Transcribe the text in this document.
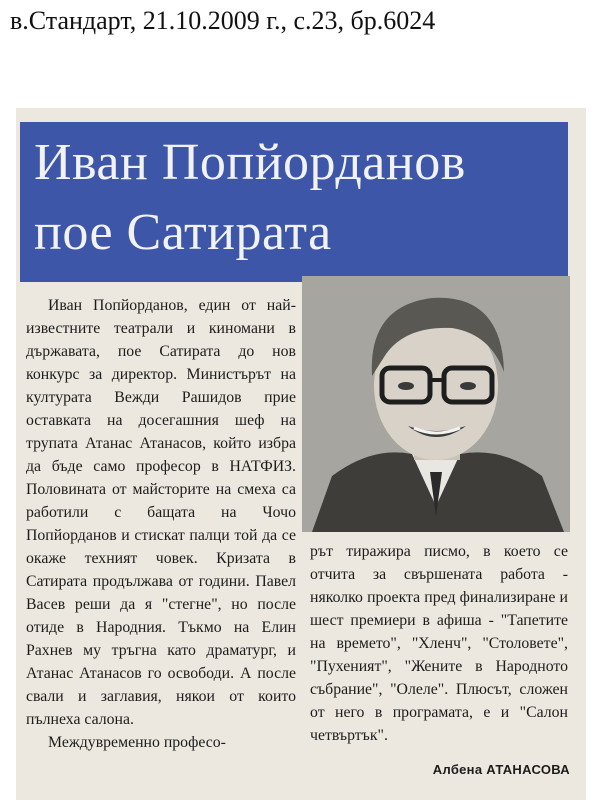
в.Стандарт, 21.10.2009 г., с.23, бр.6024
Иван Попйорданов
пое Сатирата

Иван Попйорданов, един от най-известните театрали и киномани в държавата, пое Сатирата до нов конкурс за директор. Министърът на културата Вежди Рашидов прие оставката на досегашния шеф на трупата Атанас Атанасов, който избра да бъде само професор в НАТФИЗ. Половината от майсторите на смеха са работили с бащата на Чочо Попйорданов и стискат палци той да се окаже техният човек. Кризата в Сатирата продължава от години. Павел Васев реши да я "стегне", но после отиде в Народния. Тъкмо на Елин Рахнев му тръгна като драматург, и Атанас Атанасов го освободи. А после свали и заглавия, някои от които пълнеха салона.

Междувременно професо-

рът тиражира писмо, в което се отчита за свършената работа - няколко проекта пред финализиране и шест премиери в афиша - "Тапетите на времето", "Хленч", "Столовете", "Пухеният", "Жените в Народното събрание", "Олеле". Плюсът, сложен от него в програмата, е и "Салон четвъртък".

Албена АТАНАСОВА
